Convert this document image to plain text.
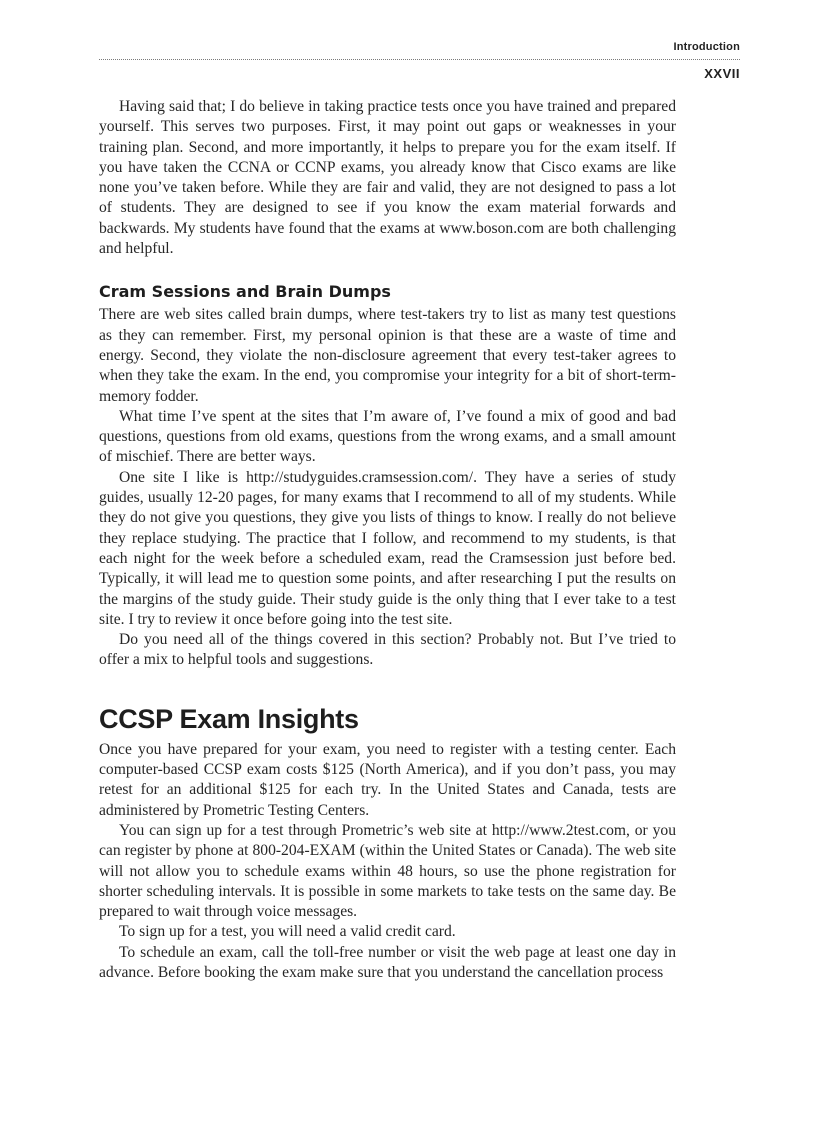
Introduction
XXVII

Having said that; I do believe in taking practice tests once you have trained and prepared yourself. This serves two purposes. First, it may point out gaps or weaknesses in your training plan. Second, and more importantly, it helps to prepare you for the exam itself. If you have taken the CCNA or CCNP exams, you already know that Cisco exams are like none you’ve taken before. While they are fair and valid, they are not designed to pass a lot of students. They are designed to see if you know the exam material forwards and backwards. My students have found that the exams at www.boson.com are both challenging and helpful.

Cram Sessions and Brain Dumps

There are web sites called brain dumps, where test-takers try to list as many test questions as they can remember. First, my personal opinion is that these are a waste of time and energy. Second, they violate the non-disclosure agreement that every test-taker agrees to when they take the exam. In the end, you compromise your integrity for a bit of short-term-memory fodder.

What time I’ve spent at the sites that I’m aware of, I’ve found a mix of good and bad questions, questions from old exams, questions from the wrong exams, and a small amount of mischief. There are better ways.

One site I like is http://studyguides.cramsession.com/. They have a series of study guides, usually 12-20 pages, for many exams that I recommend to all of my students. While they do not give you questions, they give you lists of things to know. I really do not believe they replace studying. The practice that I follow, and recommend to my students, is that each night for the week before a scheduled exam, read the Cramsession just before bed. Typically, it will lead me to question some points, and after researching I put the results on the margins of the study guide. Their study guide is the only thing that I ever take to a test site. I try to review it once before going into the test site.

Do you need all of the things covered in this section? Probably not. But I’ve tried to offer a mix to helpful tools and suggestions.

CCSP Exam Insights

Once you have prepared for your exam, you need to register with a testing center. Each computer-based CCSP exam costs $125 (North America), and if you don’t pass, you may retest for an additional $125 for each try. In the United States and Canada, tests are administered by Prometric Testing Centers.

You can sign up for a test through Prometric’s web site at http://www.2test.com, or you can register by phone at 800-204-EXAM (within the United States or Canada). The web site will not allow you to schedule exams within 48 hours, so use the phone registration for shorter scheduling intervals. It is possible in some markets to take tests on the same day. Be prepared to wait through voice messages.

To sign up for a test, you will need a valid credit card.

To schedule an exam, call the toll-free number or visit the web page at least one day in advance. Before booking the exam make sure that you understand the cancellation process
